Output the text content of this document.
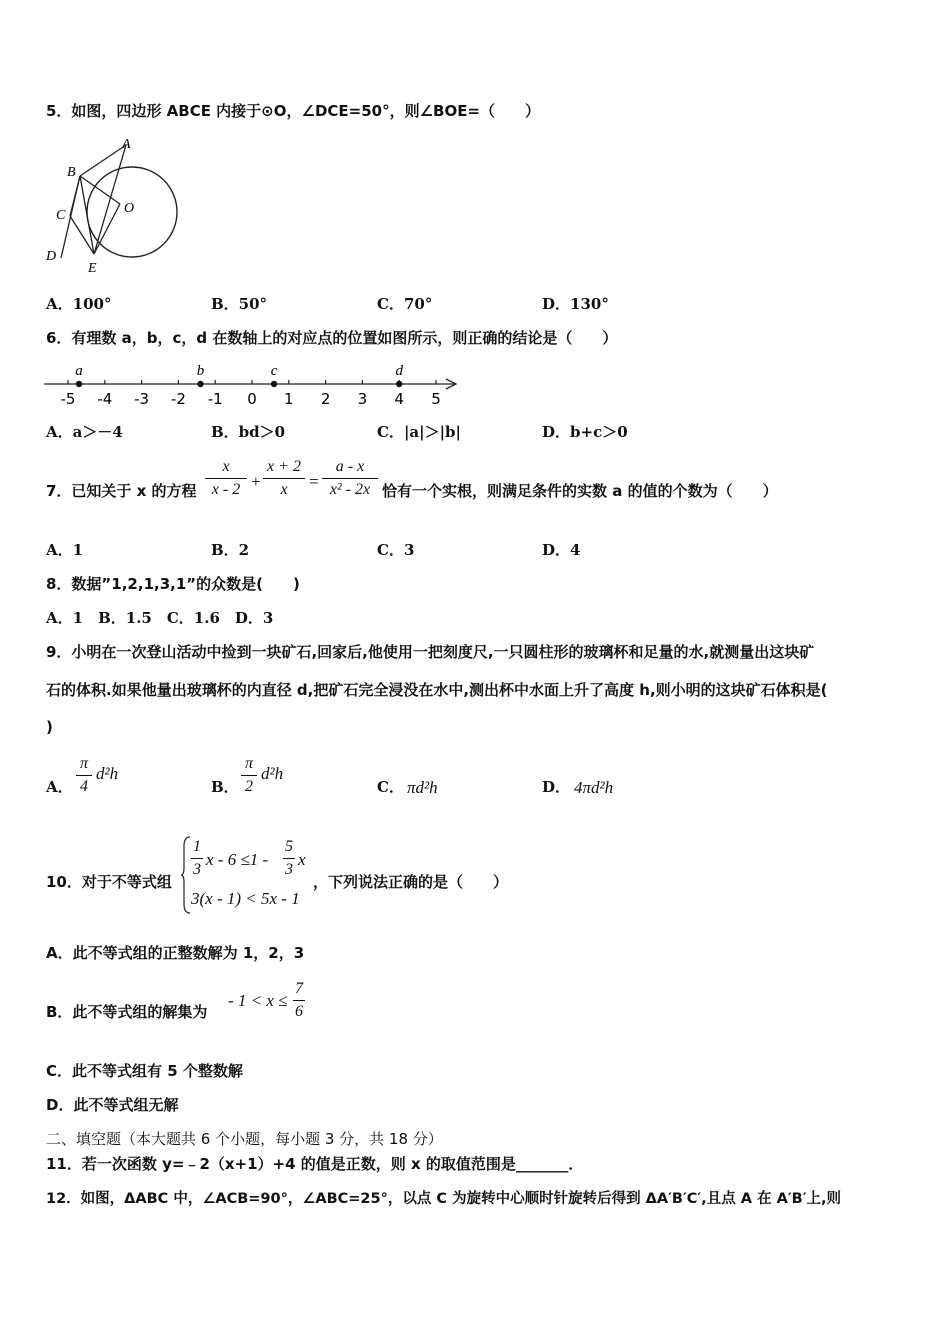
5．如图，四边形 ABCE 内接于⊙O，∠DCE=50°，则∠BOE=（　　）
A
B
C	O
D
E
A．100°	B．50°	C．70°	D．130°
6．有理数 a，b，c，d 在数轴上的对应点的位置如图所示，则正确的结论是（　　）
-5 -4 -3 -2 -1 0 1 2 3 4 5
a	b	c	d
A．a＞－4	B．bd＞0	C．|a|＞|b|	D．b+c＞0
7．已知关于 x 的方程
x
x - 2 +
x + 2
x	=
a - x
x² - 2x 恰有一个实根，则满足条件的实数 a 的值的个数为（　　）
A．1	B．2	C．3	D．4
8．数据”1,2,1,3,1”的众数是(　　)
A．1　B．1.5　C．1.6　D．3
9．小明在一次登山活动中捡到一块矿石,回家后,他使用一把刻度尺,一只圆柱形的玻璃杯和足量的水,就测量出这块矿
石的体积.如果他量出玻璃杯的内直径 d,把矿石完全浸没在水中,测出杯中水面上升了高度 h,则小明的这块矿石体积是(
)
A．
π
4
d²h
B．
π
2
d²h
C． πd²h	D． 4πd²h
10．对于不等式组
1
3
x - 6 ≤1 -
5
3
x
3(x - 1) < 5x - 1
，下列说法正确的是（　　）
A．此不等式组的正整数解为 1，2，3
B．此不等式组的解集为
- 1 < x ≤
7
6
C．此不等式组有 5 个整数解
D．此不等式组无解
二、填空题（本大题共 6 个小题，每小题 3 分，共 18 分）
11．若一次函数 y=﹣2（x+1）+4 的值是正数，则 x 的取值范围是_______．
12．如图，ΔABC 中，∠ACB=90°，∠ABC=25°，以点 C 为旋转中心顺时针旋转后得到 ΔA′B′C′,且点 A 在 A′B′上,则
